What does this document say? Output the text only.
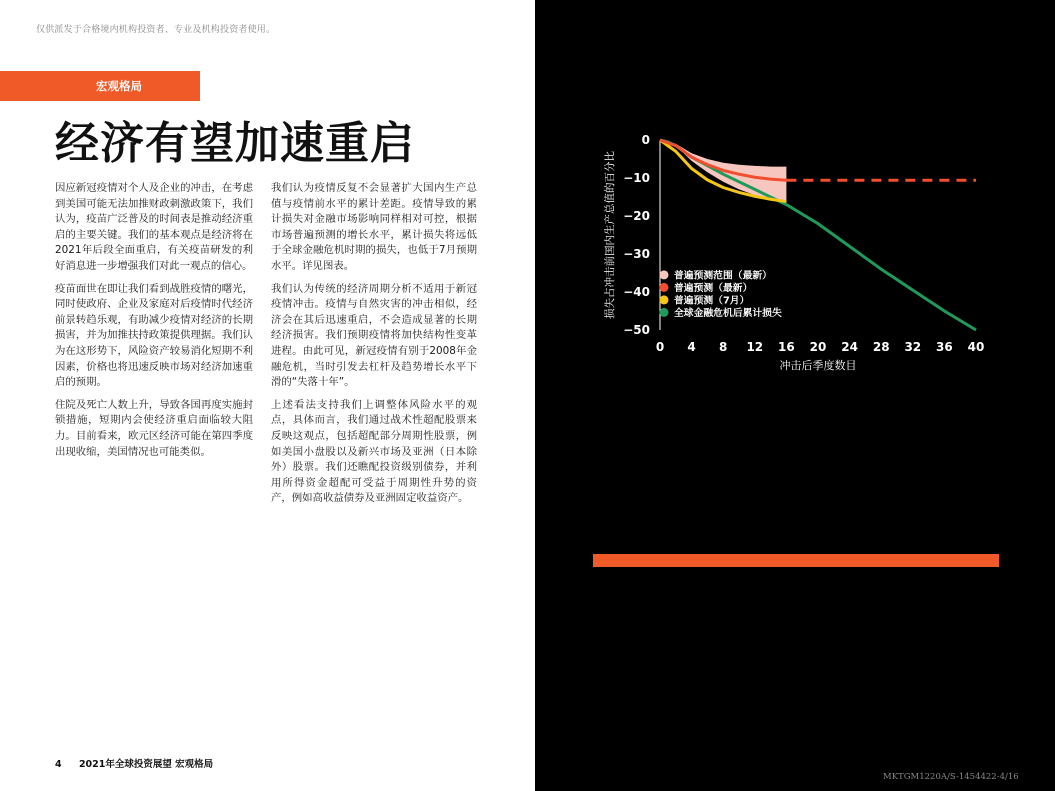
仅供派发于合格境内机构投资者、专业及机构投资者使用。
宏观格局
经济有望加速重启

因应新冠疫情对个人及企业的冲击，在考虑到美国可能无法加推财政刺激政策下，我们认为，疫苗广泛普及的时间表是推动经济重启的主要关键。我们的基本观点是经济将在2021年后段全面重启，有关疫苗研发的利好消息进一步增强我们对此一观点的信心。

疫苗面世在即让我们看到战胜疫情的曙光，同时使政府、企业及家庭对后疫情时代经济前景转趋乐观，有助减少疫情对经济的长期损害，并为加推扶持政策提供理据。我们认为在这形势下，风险资产较易消化短期不利因素，价格也将迅速反映市场对经济加速重启的预期。

住院及死亡人数上升，导致各国再度实施封锁措施，短期内会使经济重启面临较大阻力。目前看来，欧元区经济可能在第四季度出现收缩，美国情况也可能类似。

我们认为疫情反复不会显著扩大国内生产总值与疫情前水平的累计差距。疫情导致的累计损失对金融市场影响同样相对可控，根据市场普遍预测的增长水平，累计损失将远低于全球金融危机时期的损失，也低于7月预期水平。详见图表。

我们认为传统的经济周期分析不适用于新冠疫情冲击。疫情与自然灾害的冲击相似，经济会在其后迅速重启，不会造成显著的长期经济损害。我们预期疫情将加快结构性变革进程。由此可见，新冠疫情有别于2008年金融危机，当时引发去杠杆及趋势增长水平下滑的“失落十年”。

上述看法支持我们上调整体风险水平的观点，具体而言，我们通过战术性超配股票来反映这观点，包括超配部分周期性股票，例如美国小盘股以及新兴市场及亚洲（日本除外）股票。我们还瞧配投资级别债券，并利用所得资金超配可受益于周期性升势的资产，例如高收益债券及亚洲固定收益资产。

4 2021年全球投资展望 宏观格局
经济损失较小
全球金融危机后的美国国内生产总值缺口及疫情冲击产生的估计损失对比
0
−10
−20
−30
−40
−50
0 4 8 12 16 20 24 28 32 36 40
冲击后季度数目
损失占冲击前国内生产总值的百分比	普遍预测范围（最新）
普遍预测（最新）
普遍预测（7月）
全球金融危机后累计损失
信息来源：贝莱德智库，数据来自Reuters News，截至2020年11月。注：绿色线显示自2007年底起的累计经济损失，即美国当时估计名义国内生产总值与假设其按全球金融危机前的趋势水平增长（每年3.4%）的差距。橙色实线显示对新冠疫情导致的累计经济损失的最新估计，以2019年底为起始点计量，并假设危机前趋势增长水平为3.35%（新冠疫情爆发前20年的平均值）。国内生产总值估计反映Reuters在2020年9月25日刊发的经济学家调查的中位数。仅依据16个季度的调查数据。我们假设在该时间点后回归趋势增长水平（橙色虚线）。黄色线显示截至2020年7月的估计累计损失。仅供说明。概不保证任何预测将可实现。假设情境受若干重要限制所局限，特别是疫情仍在发展中，是否导致更广泛的经济活动停摆仍有待观察。
疫苗面世在即让我们看到战胜疫情的曙光，同时令政府、企业及家庭对后疫情时代经济前景转趋乐观。
MKTGM1220A/S-1454422-4/16
